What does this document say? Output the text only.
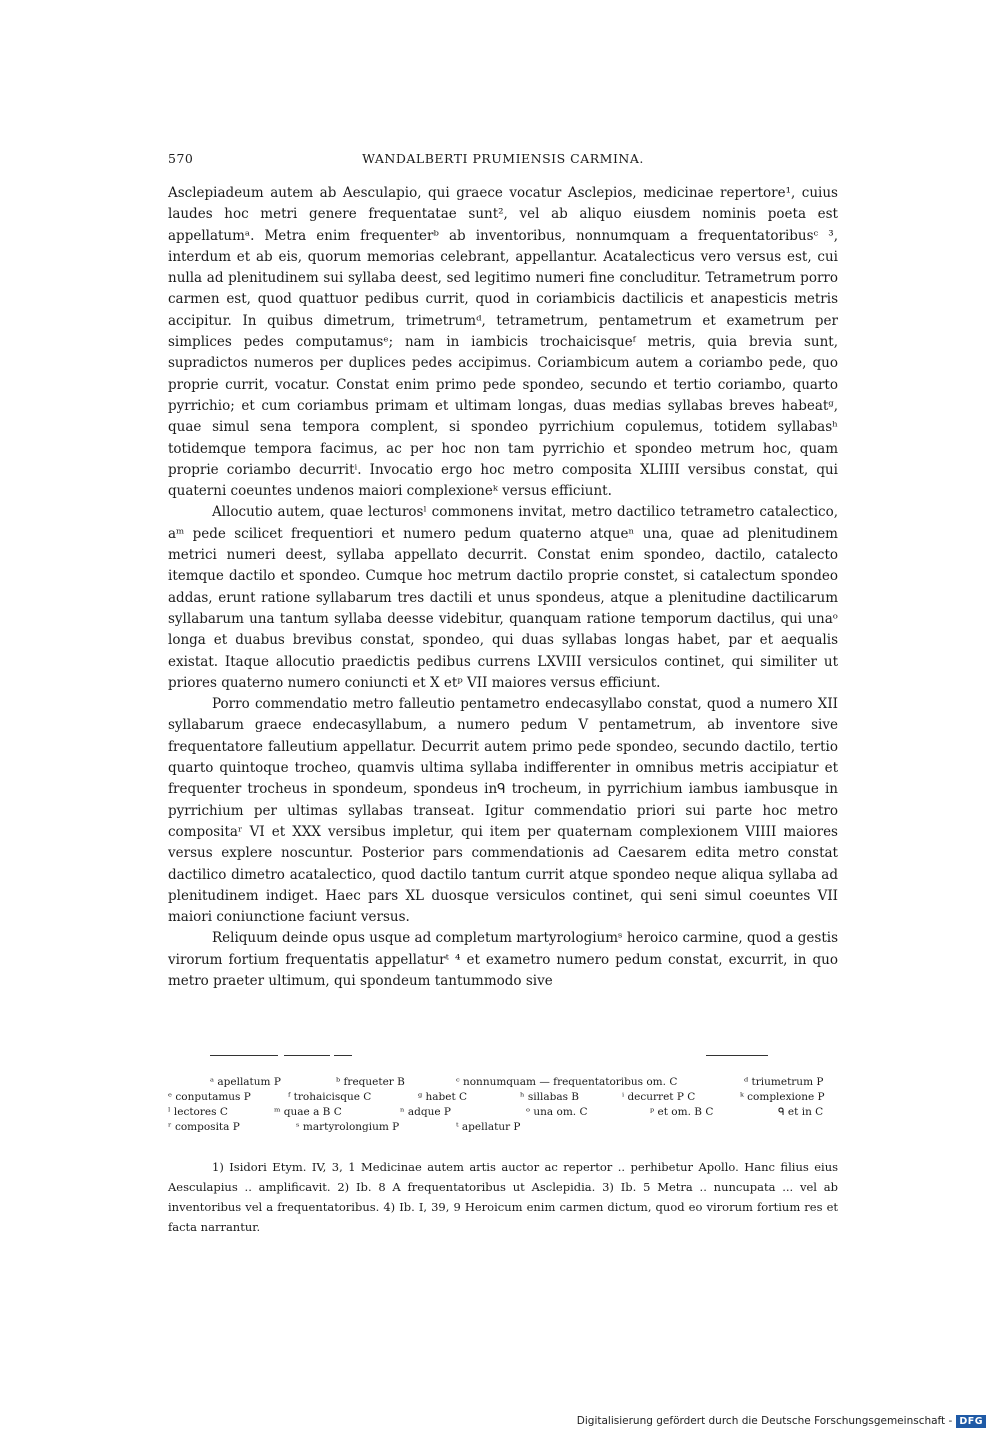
570	WANDALBERTI PRUMIENSIS CARMINA.

Asclepiadeum autem ab Aesculapio, qui graece vocatur Asclepios, medicinae repertore¹, cuius laudes hoc metri genere frequentatae sunt², vel ab aliquo eiusdem nominis poeta est appellatumᵃ. Metra enim frequenterᵇ ab inventoribus, nonnumquam a frequentatoribusᶜ ³, interdum et ab eis, quorum memorias celebrant, appellantur. Acatalecticus vero versus est, cui nulla ad plenitudinem sui syllaba deest, sed legitimo numeri fine concluditur. Tetrametrum porro carmen est, quod quattuor pedibus currit, quod in coriambicis dactilicis et anapesticis metris accipitur. In quibus dimetrum, trimetrumᵈ, tetrametrum, pentametrum et exametrum per simplices pedes computamusᵉ; nam in iambicis trochaicisqueᶠ metris, quia brevia sunt, supradictos numeros per duplices pedes accipimus. Coriambicum autem a coriambo pede, quo proprie currit, vocatur. Constat enim primo pede spondeo, secundo et tertio coriambo, quarto pyrrichio; et cum coriambus primam et ultimam longas, duas medias syllabas breves habeatᵍ, quae simul sena tempora complent, si spondeo pyrrichium copulemus, totidem syllabasʰ totidemque tempora facimus, ac per hoc non tam pyrrichio et spondeo metrum hoc, quam proprie coriambo decurritⁱ. Invocatio ergo hoc metro composita XLIIII versibus constat, qui quaterni coeuntes undenos maiori complexioneᵏ versus efficiunt.

Allocutio autem, quae lecturosˡ commonens invitat, metro dactilico tetrametro catalectico, aᵐ pede scilicet frequentiori et numero pedum quaterno atqueⁿ una, quae ad plenitudinem metrici numeri deest, syllaba appellato decurrit. Constat enim spondeo, dactilo, catalecto itemque dactilo et spondeo. Cumque hoc metrum dactilo proprie constet, si catalectum spondeo addas, erunt ratione syllabarum tres dactili et unus spondeus, atque a plenitudine dactilicarum syllabarum una tantum syllaba deesse videbitur, quanquam ratione temporum dactilus, qui unaᵒ longa et duabus brevibus constat, spondeo, qui duas syllabas longas habet, par et aequalis existat. Itaque allocutio praedictis pedibus currens LXVIII versiculos continet, qui similiter ut priores quaterno numero coniuncti et X etᵖ VII maiores versus efficiunt.

Porro commendatio metro falleutio pentametro endecasyllabo constat, quod a numero XII syllabarum graece endecasyllabum, a numero pedum V pentametrum, ab inventore sive frequentatore falleutium appellatur. Decurrit autem primo pede spondeo, secundo dactilo, tertio quarto quintoque trocheo, quamvis ultima syllaba indifferenter in omnibus metris accipiatur et frequenter trocheus in spondeum, spondeus inᑫ trocheum, in pyrrichium iambus iambusque in pyrrichium per ultimas syllabas transeat. Igitur commendatio priori sui parte hoc metro compositaʳ VI et XXX versibus impletur, qui item per quaternam complexionem VIIII maiores versus explere noscuntur. Posterior pars commendationis ad Caesarem edita metro constat dactilico dimetro acatalectico, quod dactilo tantum currit atque spondeo neque aliqua syllaba ad plenitudinem indiget. Haec pars XL duosque versiculos continet, qui seni simul coeuntes VII maiori coniunctione faciunt versus.

Reliquum deinde opus usque ad completum martyrologiumˢ heroico carmine, quod a gestis virorum fortium frequentatis appellaturᵗ ⁴ et exametro numero pedum constat, excurrit, in quo metro praeter ultimum, qui spondeum tantummodo sive

ᵃ apellatum P	ᵇ frequeter B	ᶜ nonnumquam — frequentatoribus om. C	ᵈ triumetrum P
ᵉ conputamus P	ᶠ trohaicisque C	ᵍ habet C	ʰ sillabas B	ⁱ decurret P C	ᵏ complexione P
ˡ lectores C	ᵐ quae a B C	ⁿ adque P	ᵒ una om. C	ᵖ et om. B C	ᑫ et in C
ʳ composita P	ˢ martyrolongium P	ᵗ apellatur P

1) Isidori Etym. IV, 3, 1 Medicinae autem artis auctor ac repertor .. perhibetur Apollo. Hanc filius eius Aesculapius .. amplificavit. 2) Ib. 8 A frequentatoribus ut Asclepidia. 3) Ib. 5 Metra .. nuncupata ... vel ab inventoribus vel a frequentatoribus. 4) Ib. I, 39, 9 Heroicum enim carmen dictum, quod eo virorum fortium res et facta narrantur.

Digitalisierung gefördert durch die Deutsche Forschungsgemeinschaft - DFG
